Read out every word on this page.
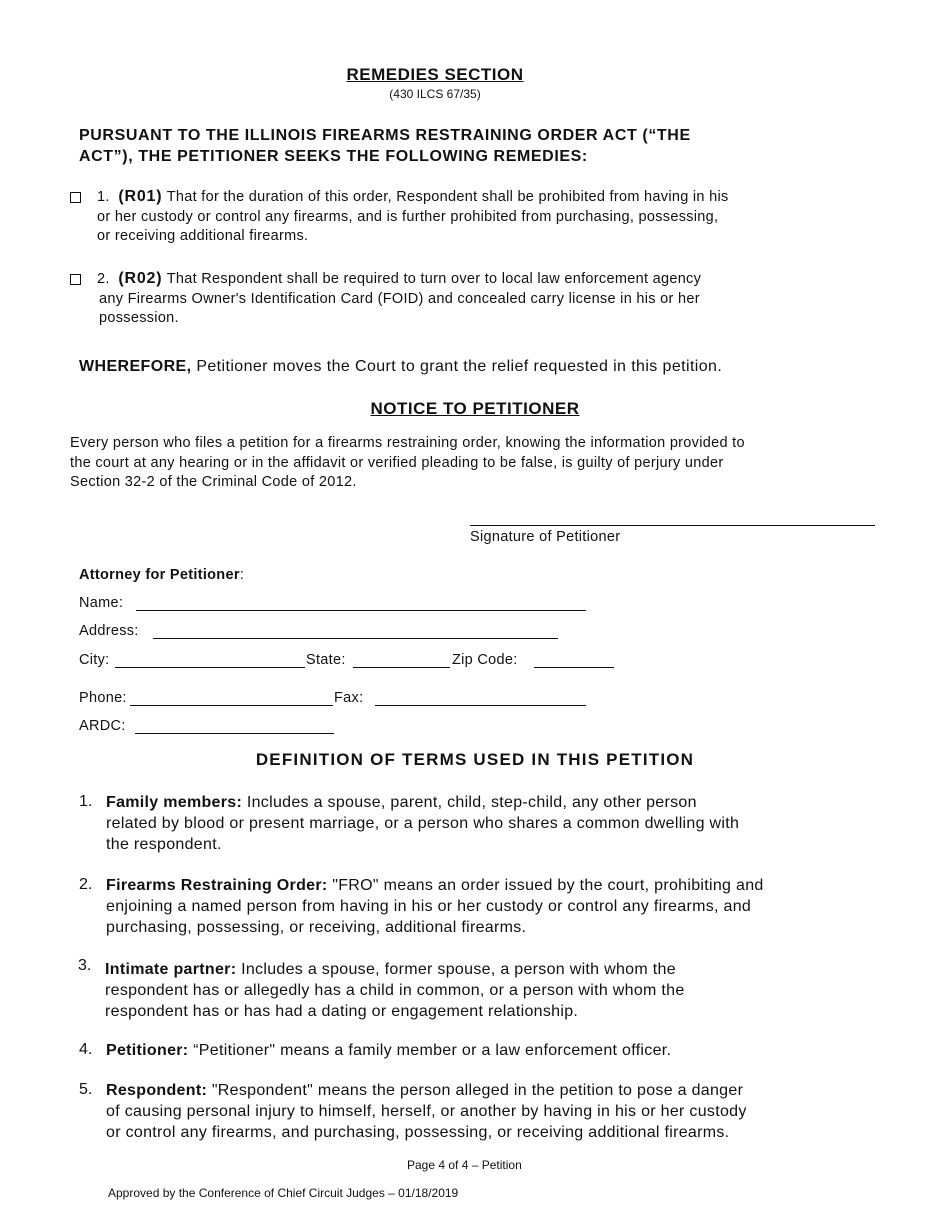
REMEDIES SECTION
(430 ILCS 67/35)
PURSUANT TO THE ILLINOIS FIREARMS RESTRAINING ORDER ACT (“THE
ACT”), THE PETITIONER SEEKS THE FOLLOWING REMEDIES:
1. (R01) That for the duration of this order, Respondent shall be prohibited from having in his
or her custody or control any firearms, and is further prohibited from purchasing, possessing,
or receiving additional firearms.
2. (R02) That Respondent shall be required to turn over to local law enforcement agency
any Firearms Owner's Identification Card (FOID) and concealed carry license in his or her
possession.
WHEREFORE, Petitioner moves the Court to grant the relief requested in this petition.
NOTICE TO PETITIONER
Every person who files a petition for a firearms restraining order, knowing the information provided to
the court at any hearing or in the affidavit or verified pleading to be false, is guilty of perjury under
Section 32-2 of the Criminal Code of 2012.
Signature of Petitioner
Attorney for Petitioner:
Name:
Address:
City:	State:	Zip Code:
Phone:	Fax:
ARDC:
DEFINITION OF TERMS USED IN THIS PETITION
1. Family members: Includes a spouse, parent, child, step-child, any other person
related by blood or present marriage, or a person who shares a common dwelling with
the respondent.
2. Firearms Restraining Order: "FRO" means an order issued by the court, prohibiting and
enjoining a named person from having in his or her custody or control any firearms, and
purchasing, possessing, or receiving, additional firearms.
3. Intimate partner: Includes a spouse, former spouse, a person with whom the
respondent has or allegedly has a child in common, or a person with whom the
respondent has or has had a dating or engagement relationship.
4. Petitioner: “Petitioner" means a family member or a law enforcement officer.
5. Respondent: "Respondent" means the person alleged in the petition to pose a danger
of causing personal injury to himself, herself, or another by having in his or her custody
or control any firearms, and purchasing, possessing, or receiving additional firearms.
Page 4 of 4 – Petition
Approved by the Conference of Chief Circuit Judges – 01/18/2019
